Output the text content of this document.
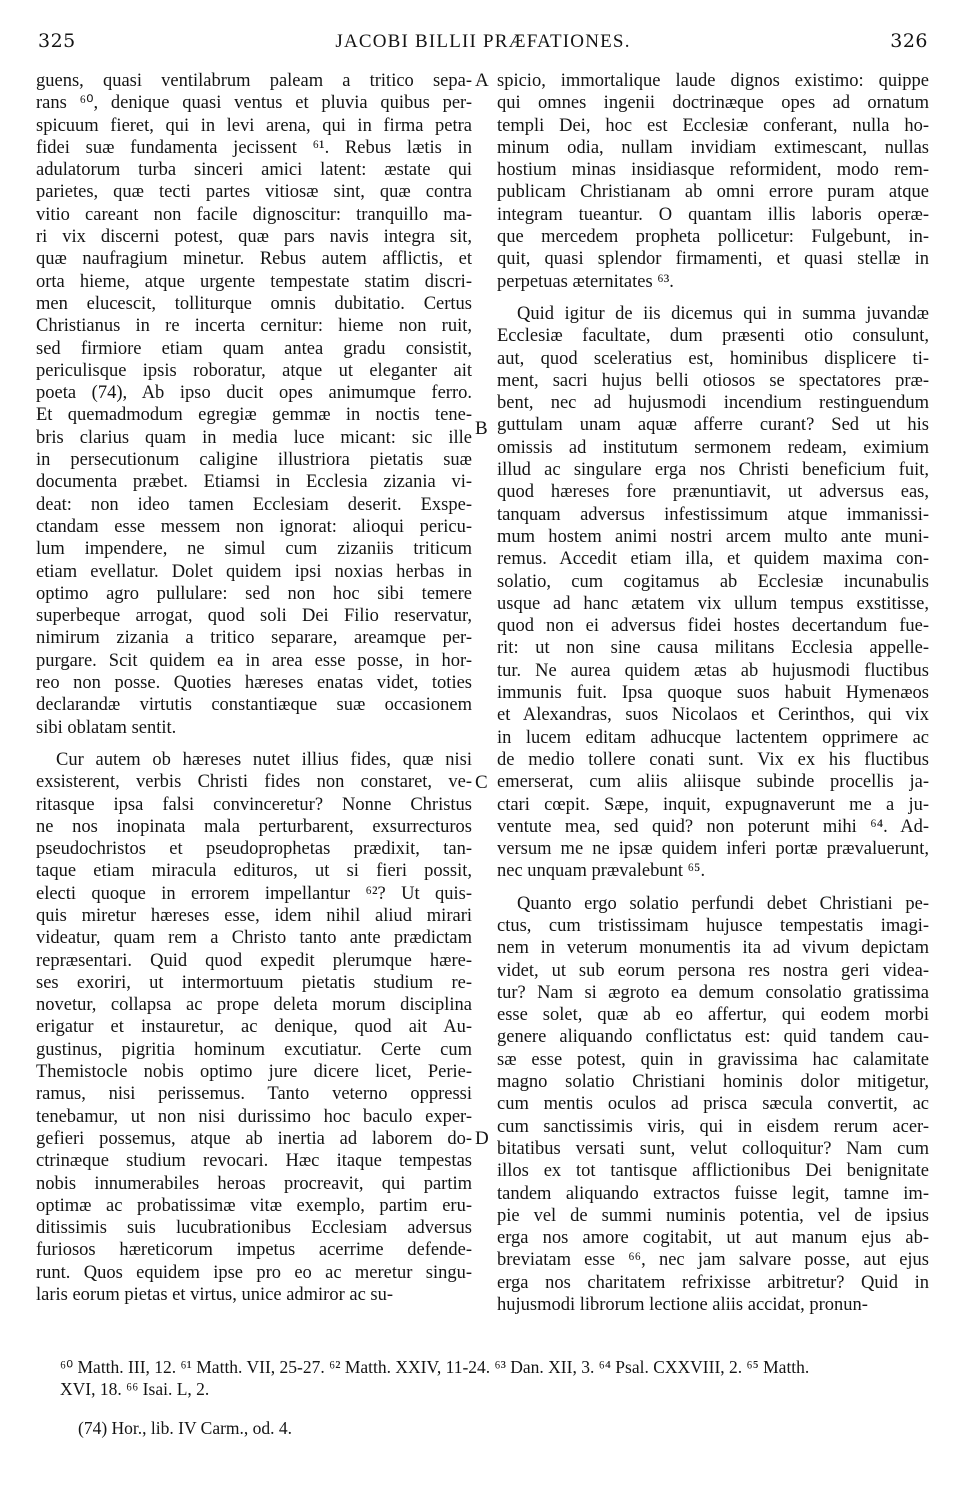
325	JACOBI BILLII PRÆFATIONES.	326
guens, quasi ventilabrum paleam a tritico sepa-
rans ⁶⁰, denique quasi ventus et pluvia quibus per-
spicuum fieret, qui in levi arena, qui in firma petra
fidei suæ fundamenta jecissent ⁶¹. Rebus lætis in
adulatorum turba sinceri amici latent: æstate qui
parietes, quæ tecti partes vitiosæ sint, quæ contra
vitio careant non facile dignoscitur: tranquillo ma-
ri vix discerni potest, quæ pars navis integra sit,
quæ naufragium minetur. Rebus autem afflictis, et
orta hieme, atque urgente tempestate statim discri-
men elucescit, tolliturque omnis dubitatio. Certus
Christianus in re incerta cernitur: hieme non ruit,
sed firmiore etiam quam antea gradu consistit,
periculisque ipsis roboratur, atque ut eleganter ait
poeta (74), Ab ipso ducit opes animumque ferro.
Et quemadmodum egregiæ gemmæ in noctis tene-
bris clarius quam in media luce micant: sic ille
in persecutionum caligine illustriora pietatis suæ
documenta præbet. Etiamsi in Ecclesia zizania vi-
deat: non ideo tamen Ecclesiam deserit. Exspe-
ctandam esse messem non ignorat: alioqui pericu-
lum impendere, ne simul cum zizaniis triticum
etiam evellatur. Dolet quidem ipsi noxias herbas in
optimo agro pullulare: sed non hoc sibi temere
superbeque arrogat, quod soli Dei Filio reservatur,
nimirum zizania a tritico separare, areamque per-
purgare. Scit quidem ea in area esse posse, in hor-
reo non posse. Quoties hæreses enatas videt, toties
declarandæ virtutis constantiæque suæ occasionem
sibi oblatam sentit.
Cur autem ob hæreses nutet illius fides, quæ nisi
exsisterent, verbis Christi fides non constaret, ve-
ritasque ipsa falsi convinceretur? Nonne Christus
ne nos inopinata mala perturbarent, exsurrecturos
pseudochristos et pseudoprophetas prædixit, tan-
taque etiam miracula edituros, ut si fieri possit,
electi quoque in errorem impellantur ⁶²? Ut quis-
quis miretur hæreses esse, idem nihil aliud mirari
videatur, quam rem a Christo tanto ante prædictam
repræsentari. Quid quod expedit plerumque hære-
ses exoriri, ut intermortuum pietatis studium re-
novetur, collapsa ac prope deleta morum disciplina
erigatur et instauretur, ac denique, quod ait Au-
gustinus, pigritia hominum excutiatur. Certe cum
Themistocle nobis optimo jure dicere licet, Perie-
ramus, nisi perissemus. Tanto veterno oppressi
tenebamur, ut non nisi durissimo hoc baculo exper-
gefieri possemus, atque ab inertia ad laborem do-
ctrinæque studium revocari. Hæc itaque tempestas
nobis innumerabiles heroas procreavit, qui partim
optimæ ac probatissimæ vitæ exemplo, partim eru-
ditissimis suis lucubrationibus Ecclesiam adversus
furiosos hæreticorum impetus acerrime defende-
runt. Quos equidem ipse pro eo ac meretur singu-
laris eorum pietas et virtus, unice admiror ac su-
spicio, immortalique laude dignos existimo: quippe
qui omnes ingenii doctrinæque opes ad ornatum
templi Dei, hoc est Ecclesiæ conferant, nulla ho-
minum odia, nullam invidiam extimescant, nullas
hostium minas insidiasque reformident, modo rem-
publicam Christianam ab omni errore puram atque
integram tueantur. O quantam illis laboris operæ-
que mercedem propheta pollicetur: Fulgebunt, in-
quit, quasi splendor firmamenti, et quasi stellæ in
perpetuas æternitates ⁶³.
Quid igitur de iis dicemus qui in summa juvandæ
Ecclesiæ facultate, dum præsenti otio consulunt,
aut, quod sceleratius est, hominibus displicere ti-
ment, sacri hujus belli otiosos se spectatores præ-
bent, nec ad hujusmodi incendium restinguendum
guttulam unam aquæ afferre curant? Sed ut his
omissis ad institutum sermonem redeam, eximium
illud ac singulare erga nos Christi beneficium fuit,
quod hæreses fore prænuntiavit, ut adversus eas,
tanquam adversus infestissimum atque immanissi-
mum hostem animi nostri arcem multo ante muni-
remus. Accedit etiam illa, et quidem maxima con-
solatio, cum cogitamus ab Ecclesiæ incunabulis
usque ad hanc ætatem vix ullum tempus exstitisse,
quod non ei adversus fidei hostes decertandum fue-
rit: ut non sine causa militans Ecclesia appelle-
tur. Ne aurea quidem ætas ab hujusmodi fluctibus
immunis fuit. Ipsa quoque suos habuit Hymenæos
et Alexandras, suos Nicolaos et Cerinthos, qui vix
in lucem editam adhucque lactentem opprimere ac
de medio tollere conati sunt. Vix ex his fluctibus
emerserat, cum aliis aliisque subinde procellis ja-
ctari cœpit. Sæpe, inquit, expugnaverunt me a ju-
ventute mea, sed quid? non poterunt mihi ⁶⁴. Ad-
versum me ne ipsæ quidem inferi portæ prævaluerunt,
nec unquam prævalebunt ⁶⁵.
Quanto ergo solatio perfundi debet Christiani pe-
ctus, cum tristissimam hujusce tempestatis imagi-
nem in veterum monumentis ita ad vivum depictam
videt, ut sub eorum persona res nostra geri videa-
tur? Nam si ægroto ea demum consolatio gratissima
esse solet, quæ ab eo affertur, qui eodem morbi
genere aliquando conflictatus est: quid tandem cau-
sæ esse potest, quin in gravissima hac calamitate
magno solatio Christiani hominis dolor mitigetur,
cum mentis oculos ad prisca sæcula convertit, ac
cum sanctissimis viris, qui in eisdem rerum acer-
bitatibus versati sunt, velut colloquitur? Nam cum
illos ex tot tantisque afflictionibus Dei benignitate
tandem aliquando extractos fuisse legit, tamne im-
pie vel de summi numinis potentia, vel de ipsius
erga nos amore cogitabit, ut aut manum ejus ab-
breviatam esse ⁶⁶, nec jam salvare posse, aut ejus
erga nos charitatem refrixisse arbitretur? Quid in
hujusmodi librorum lectione aliis accidat, pronun-
A
B
C
D
⁶⁰ Matth. III, 12. ⁶¹ Matth. VII, 25-27. ⁶² Matth. XXIV, 11-24. ⁶³ Dan. XII, 3. ⁶⁴ Psal. CXXVIII, 2. ⁶⁵ Matth.
XVI, 18. ⁶⁶ Isai. L, 2.
(74) Hor., lib. IV Carm., od. 4.
